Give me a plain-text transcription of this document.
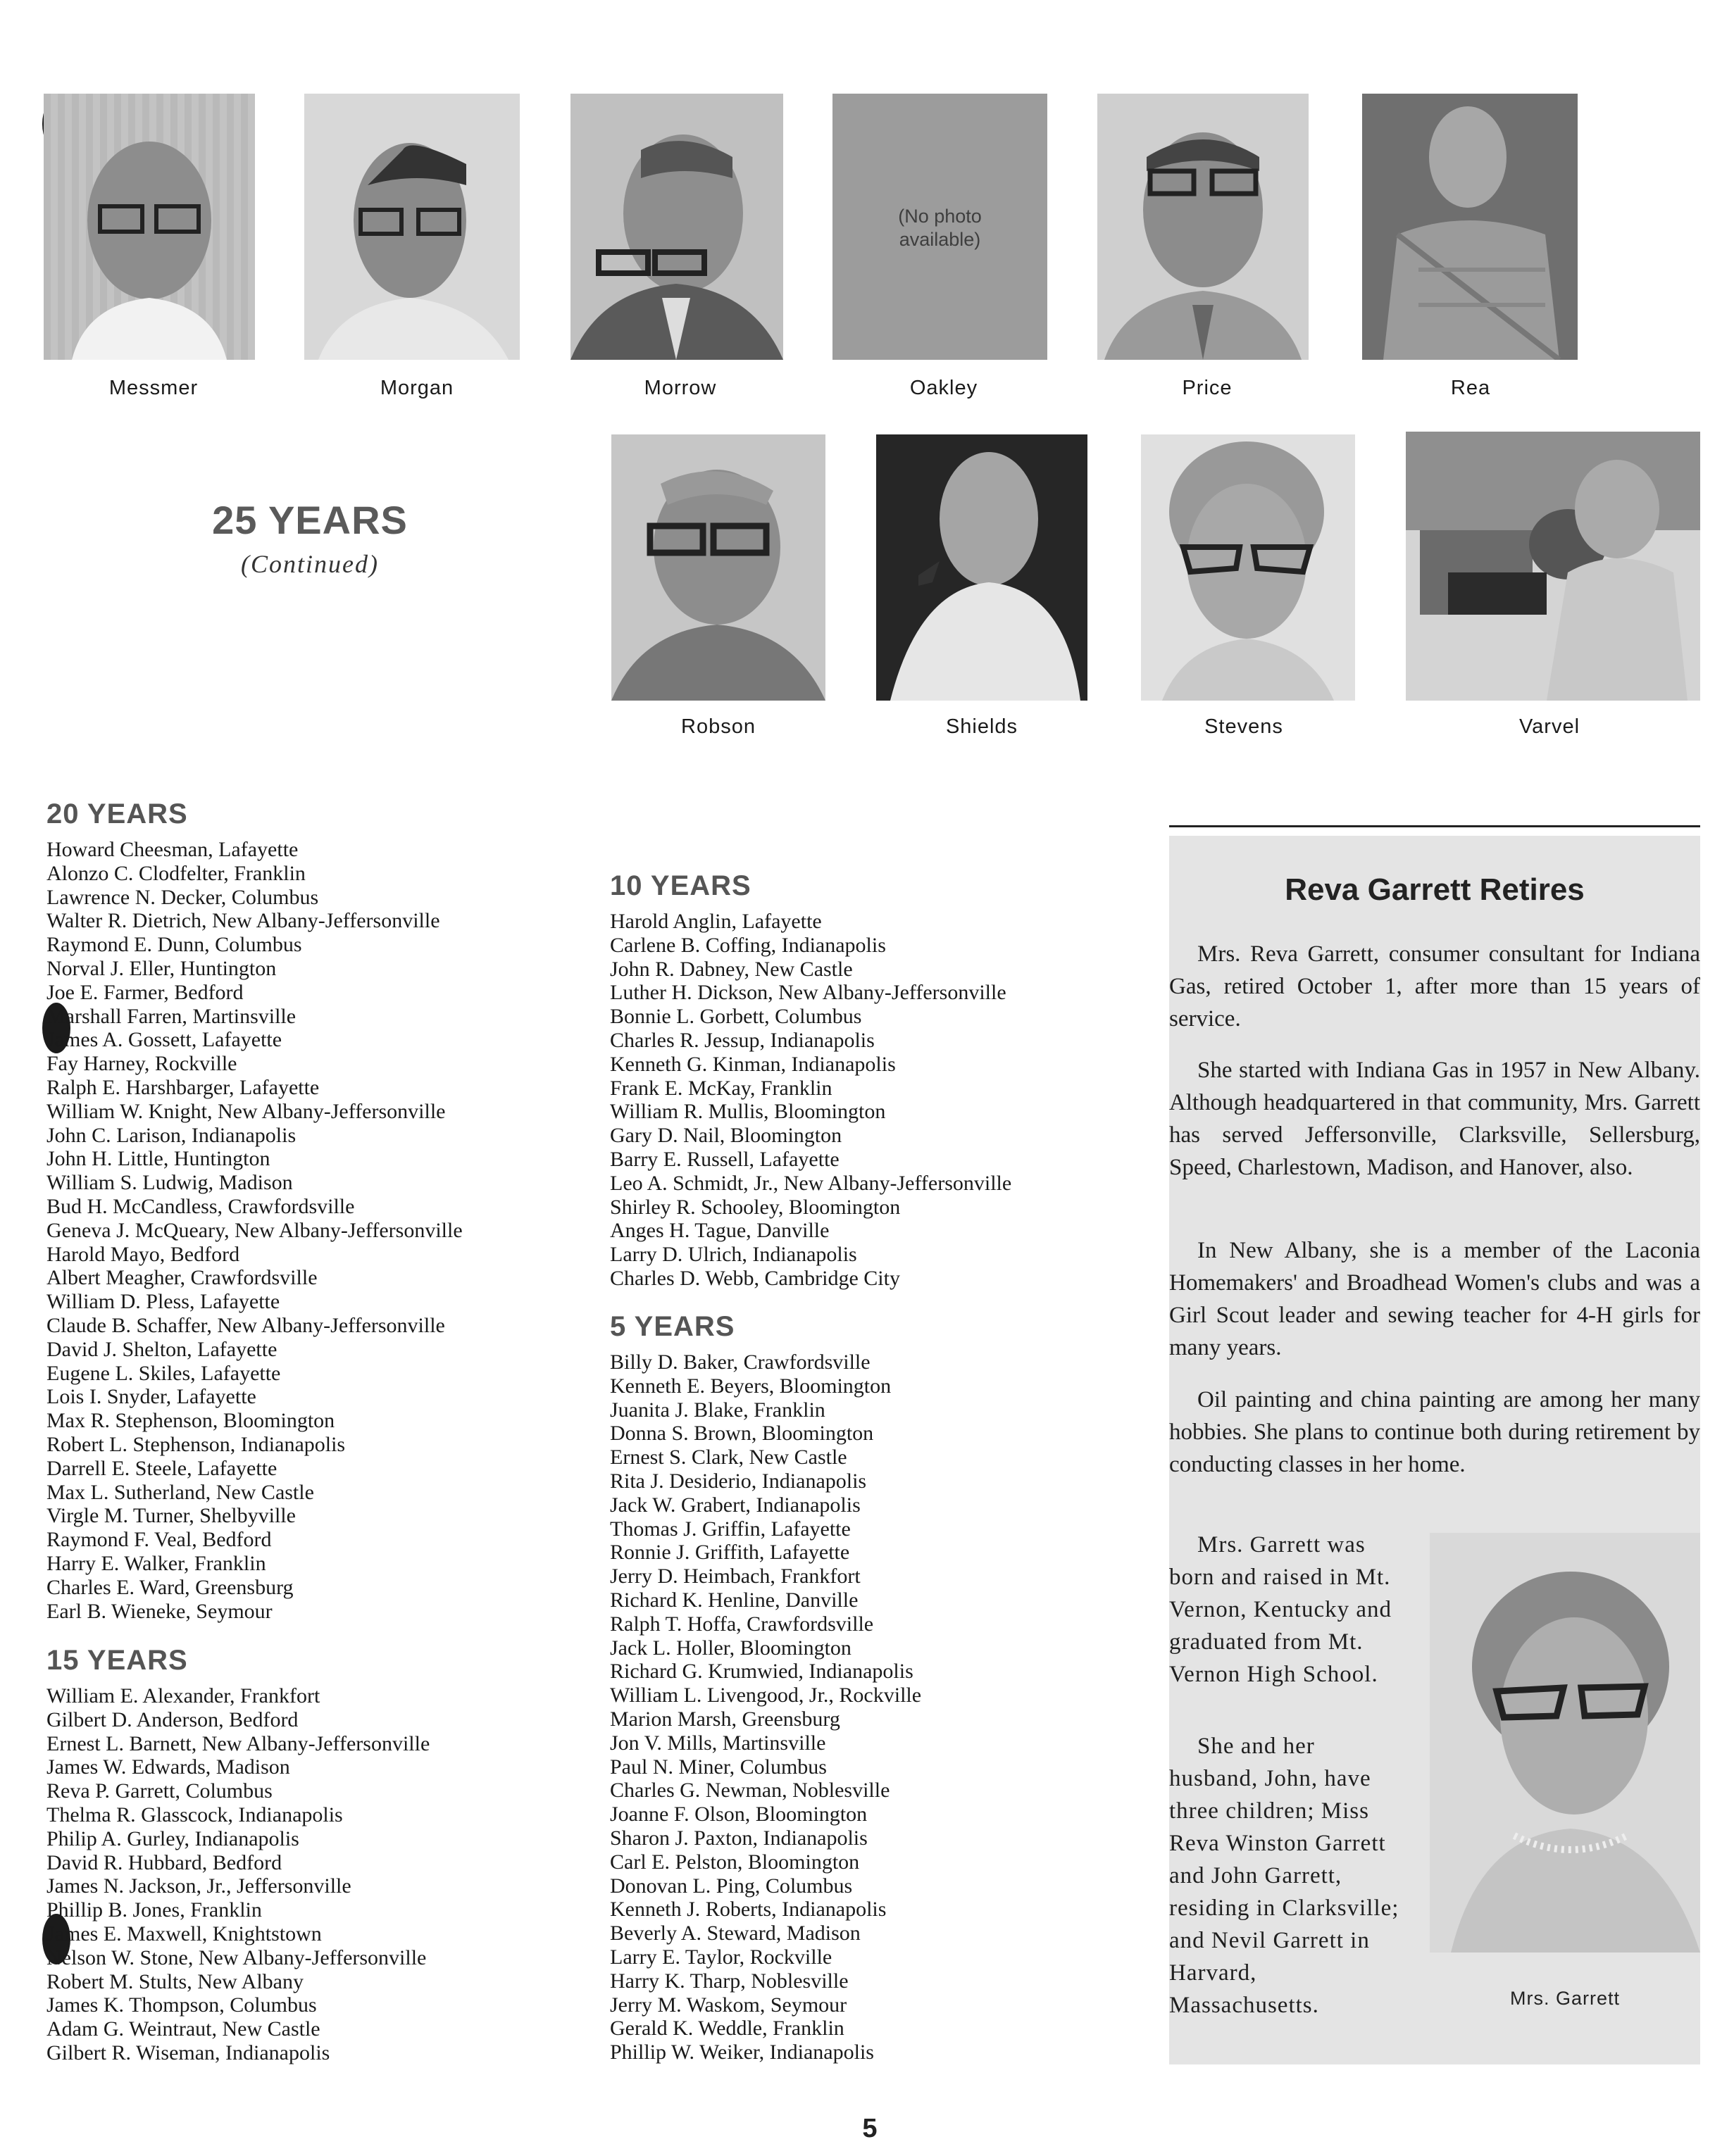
(No photo
available)
Messmer	Morgan	Morrow	Oakley	Price	Rea
25 YEARS
(Continued)
Robson	Shields	Stevens	Varvel
20 YEARS
Howard Cheesman, Lafayette
Alonzo C. Clodfelter, Franklin
Lawrence N. Decker, Columbus
Walter R. Dietrich, New Albany-Jeffersonville
Raymond E. Dunn, Columbus
Norval J. Eller, Huntington
Joe E. Farmer, Bedford
Marshall Farren, Martinsville
James A. Gossett, Lafayette
Fay Harney, Rockville
Ralph E. Harshbarger, Lafayette
William W. Knight, New Albany-Jeffersonville
John C. Larison, Indianapolis
John H. Little, Huntington
William S. Ludwig, Madison
Bud H. McCandless, Crawfordsville
Geneva J. McQueary, New Albany-Jeffersonville
Harold Mayo, Bedford
Albert Meagher, Crawfordsville
William D. Pless, Lafayette
Claude B. Schaffer, New Albany-Jeffersonville
David J. Shelton, Lafayette
Eugene L. Skiles, Lafayette
Lois I. Snyder, Lafayette
Max R. Stephenson, Bloomington
Robert L. Stephenson, Indianapolis
Darrell E. Steele, Lafayette
Max L. Sutherland, New Castle
Virgle M. Turner, Shelbyville
Raymond F. Veal, Bedford
Harry E. Walker, Franklin
Charles E. Ward, Greensburg
Earl B. Wieneke, Seymour
15 YEARS
William E. Alexander, Frankfort
Gilbert D. Anderson, Bedford
Ernest L. Barnett, New Albany-Jeffersonville
James W. Edwards, Madison
Reva P. Garrett, Columbus
Thelma R. Glasscock, Indianapolis
Philip A. Gurley, Indianapolis
David R. Hubbard, Bedford
James N. Jackson, Jr., Jeffersonville
Phillip B. Jones, Franklin
James E. Maxwell, Knightstown
Nelson W. Stone, New Albany-Jeffersonville
Robert M. Stults, New Albany
James K. Thompson, Columbus
Adam G. Weintraut, New Castle
Gilbert R. Wiseman, Indianapolis
10 YEARS
Harold Anglin, Lafayette
Carlene B. Coffing, Indianapolis
John R. Dabney, New Castle
Luther H. Dickson, New Albany-Jeffersonville
Bonnie L. Gorbett, Columbus
Charles R. Jessup, Indianapolis
Kenneth G. Kinman, Indianapolis
Frank E. McKay, Franklin
William R. Mullis, Bloomington
Gary D. Nail, Bloomington
Barry E. Russell, Lafayette
Leo A. Schmidt, Jr., New Albany-Jeffersonville
Shirley R. Schooley, Bloomington
Anges H. Tague, Danville
Larry D. Ulrich, Indianapolis
Charles D. Webb, Cambridge City
5 YEARS
Billy D. Baker, Crawfordsville
Kenneth E. Beyers, Bloomington
Juanita J. Blake, Franklin
Donna S. Brown, Bloomington
Ernest S. Clark, New Castle
Rita J. Desiderio, Indianapolis
Jack W. Grabert, Indianapolis
Thomas J. Griffin, Lafayette
Ronnie J. Griffith, Lafayette
Jerry D. Heimbach, Frankfort
Richard K. Henline, Danville
Ralph T. Hoffa, Crawfordsville
Jack L. Holler, Bloomington
Richard G. Krumwied, Indianapolis
William L. Livengood, Jr., Rockville
Marion Marsh, Greensburg
Jon V. Mills, Martinsville
Paul N. Miner, Columbus
Charles G. Newman, Noblesville
Joanne F. Olson, Bloomington
Sharon J. Paxton, Indianapolis
Carl E. Pelston, Bloomington
Donovan L. Ping, Columbus
Kenneth J. Roberts, Indianapolis
Beverly A. Steward, Madison
Larry E. Taylor, Rockville
Harry K. Tharp, Noblesville
Jerry M. Waskom, Seymour
Gerald K. Weddle, Franklin
Phillip W. Weiker, Indianapolis
Reva Garrett Retires
Mrs. Reva Garrett, consumer consultant for Indiana Gas, retired October 1, after more than 15 years of service.
She started with Indiana Gas in 1957 in New Albany. Although headquartered in that community, Mrs. Garrett has served Jeffersonville, Clarksville, Sellersburg, Speed, Charlestown, Madison, and Hanover, also.
In New Albany, she is a member of the Laconia Homemakers' and Broadhead Women's clubs and was a Girl Scout leader and sewing teacher for 4-H girls for many years.
Oil painting and china painting are among her many hobbies. She plans to continue both during retirement by conducting classes in her home.
Mrs. Garrett was born and raised in Mt. Vernon, Kentucky and graduated from Mt. Vernon High School.
She and her husband, John, have three children; Miss Reva Winston Garrett and John Garrett, residing in Clarksville; and Nevil Garrett in Harvard, Massachusetts.	Mrs. Garrett
5
